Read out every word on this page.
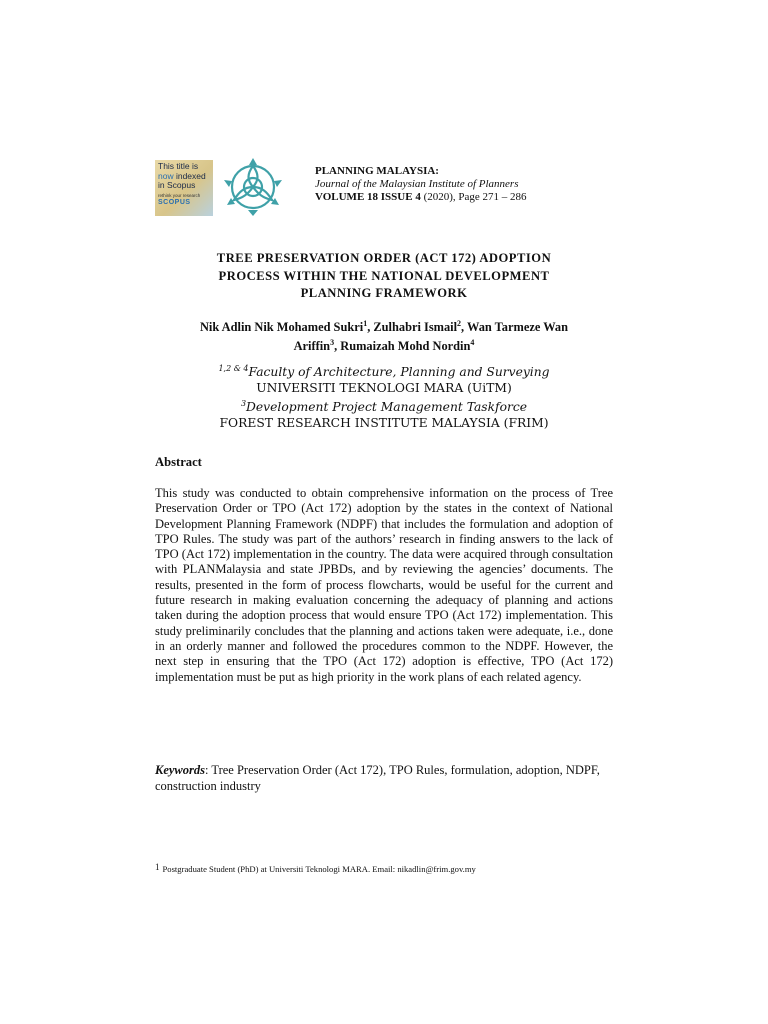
This title is
now indexed
in Scopus
rethink your research
SCOPUS
PLANNING MALAYSIA:
Journal of the Malaysian Institute of Planners
VOLUME 18 ISSUE 4 (2020), Page 271 – 286
TREE PRESERVATION ORDER (ACT 172) ADOPTION
PROCESS WITHIN THE NATIONAL DEVELOPMENT
PLANNING FRAMEWORK
Nik Adlin Nik Mohamed Sukri$^1$, Zulhabri Ismail$^2$, Wan Tarmeze Wan
Ariffin$^3$, Rumaizah Mohd Nordin$^4$
$^{1,2 \& 4}$Faculty of Architecture, Planning and Surveying
UNIVERSITI TEKNOLOGI MARA (UiTM)
$^3$Development Project Management Taskforce
FOREST RESEARCH INSTITUTE MALAYSIA (FRIM)
Abstract
This study was conducted to obtain comprehensive information on the process of Tree Preservation Order or TPO (Act 172) adoption by the states in the context of National Development Planning Framework (NDPF) that includes the formulation and adoption of TPO Rules. The study was part of the authors’ research in finding answers to the lack of TPO (Act 172) implementation in the country. The data were acquired through consultation with PLANMalaysia and state JPBDs, and by reviewing the agencies’ documents. The results, presented in the form of process flowcharts, would be useful for the current and future research in making evaluation concerning the adequacy of planning and actions taken during the adoption process that would ensure TPO (Act 172) implementation. This study preliminarily concludes that the planning and actions taken were adequate, i.e., done in an orderly manner and followed the procedures common to the NDPF. However, the next step in ensuring that the TPO (Act 172) adoption is effective, TPO (Act 172) implementation must be put as high priority in the work plans of each related agency.
Keywords: Tree Preservation Order (Act 172), TPO Rules, formulation, adoption, NDPF, construction industry
$^1$ Postgraduate Student (PhD) at Universiti Teknologi MARA. Email: nikadlin@frim.gov.my
